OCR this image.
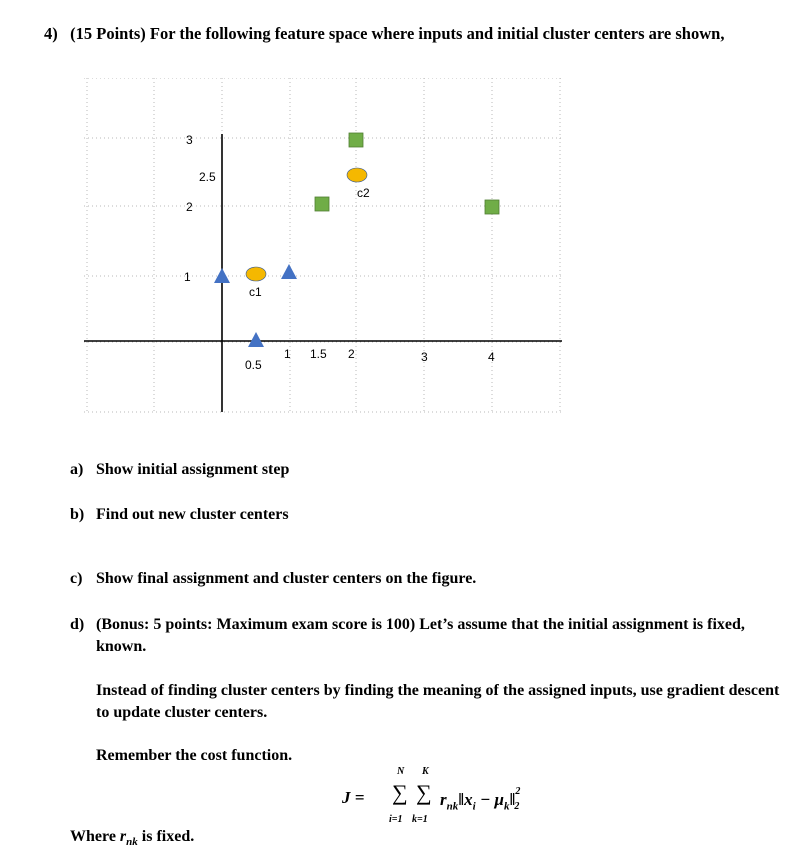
4) (15 Points) For the following feature space where inputs and initial cluster centers are shown,
3
2.5
2
1
0.5
1 1.5 2	3	4
c1
c2
a) Show initial assignment step
b) Find out new cluster centers
c) Show final assignment and cluster centers on the figure.
d) (Bonus: 5 points: Maximum exam score is 100) Let’s assume that the initial assignment is fixed, known.
Instead of finding cluster centers by finding the meaning of the assigned inputs, use gradient descent to update cluster centers.
Remember the cost function.
J =
N
∑
i=1
K
∑
k=1
$r_{nk}‖x_i$ − $\mu_k‖^2_2$
Where $r_{nk}$ is fixed.
